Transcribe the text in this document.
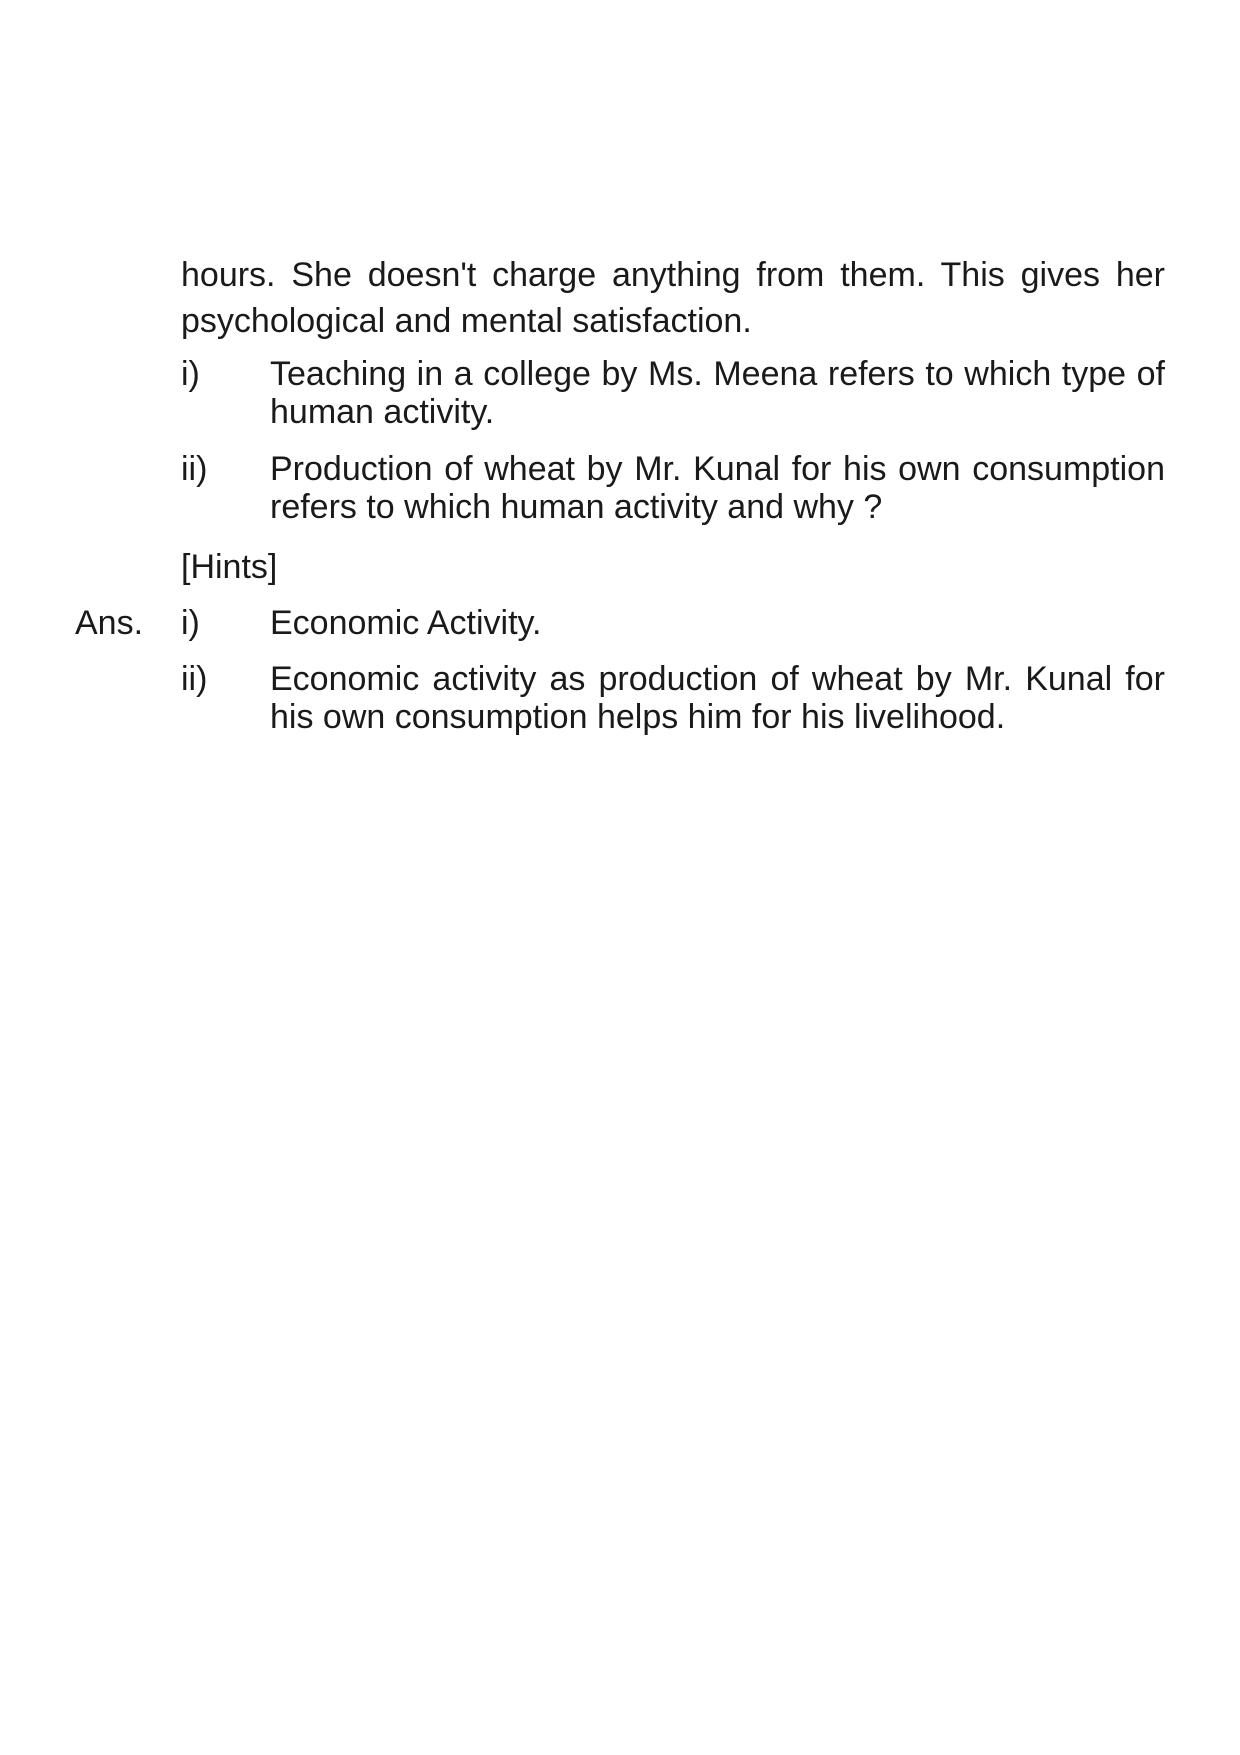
hours. She doesn't charge anything from them. This gives her psychological and mental satisfaction.

i) Teaching in a college by Ms. Meena refers to which type of human activity.

ii) Production of wheat by Mr. Kunal for his own consumption refers to which human activity and why ?

[Hints]

Ans. i) Economic Activity.

ii) Economic activity as production of wheat by Mr. Kunal for his own consumption helps him for his livelihood.
